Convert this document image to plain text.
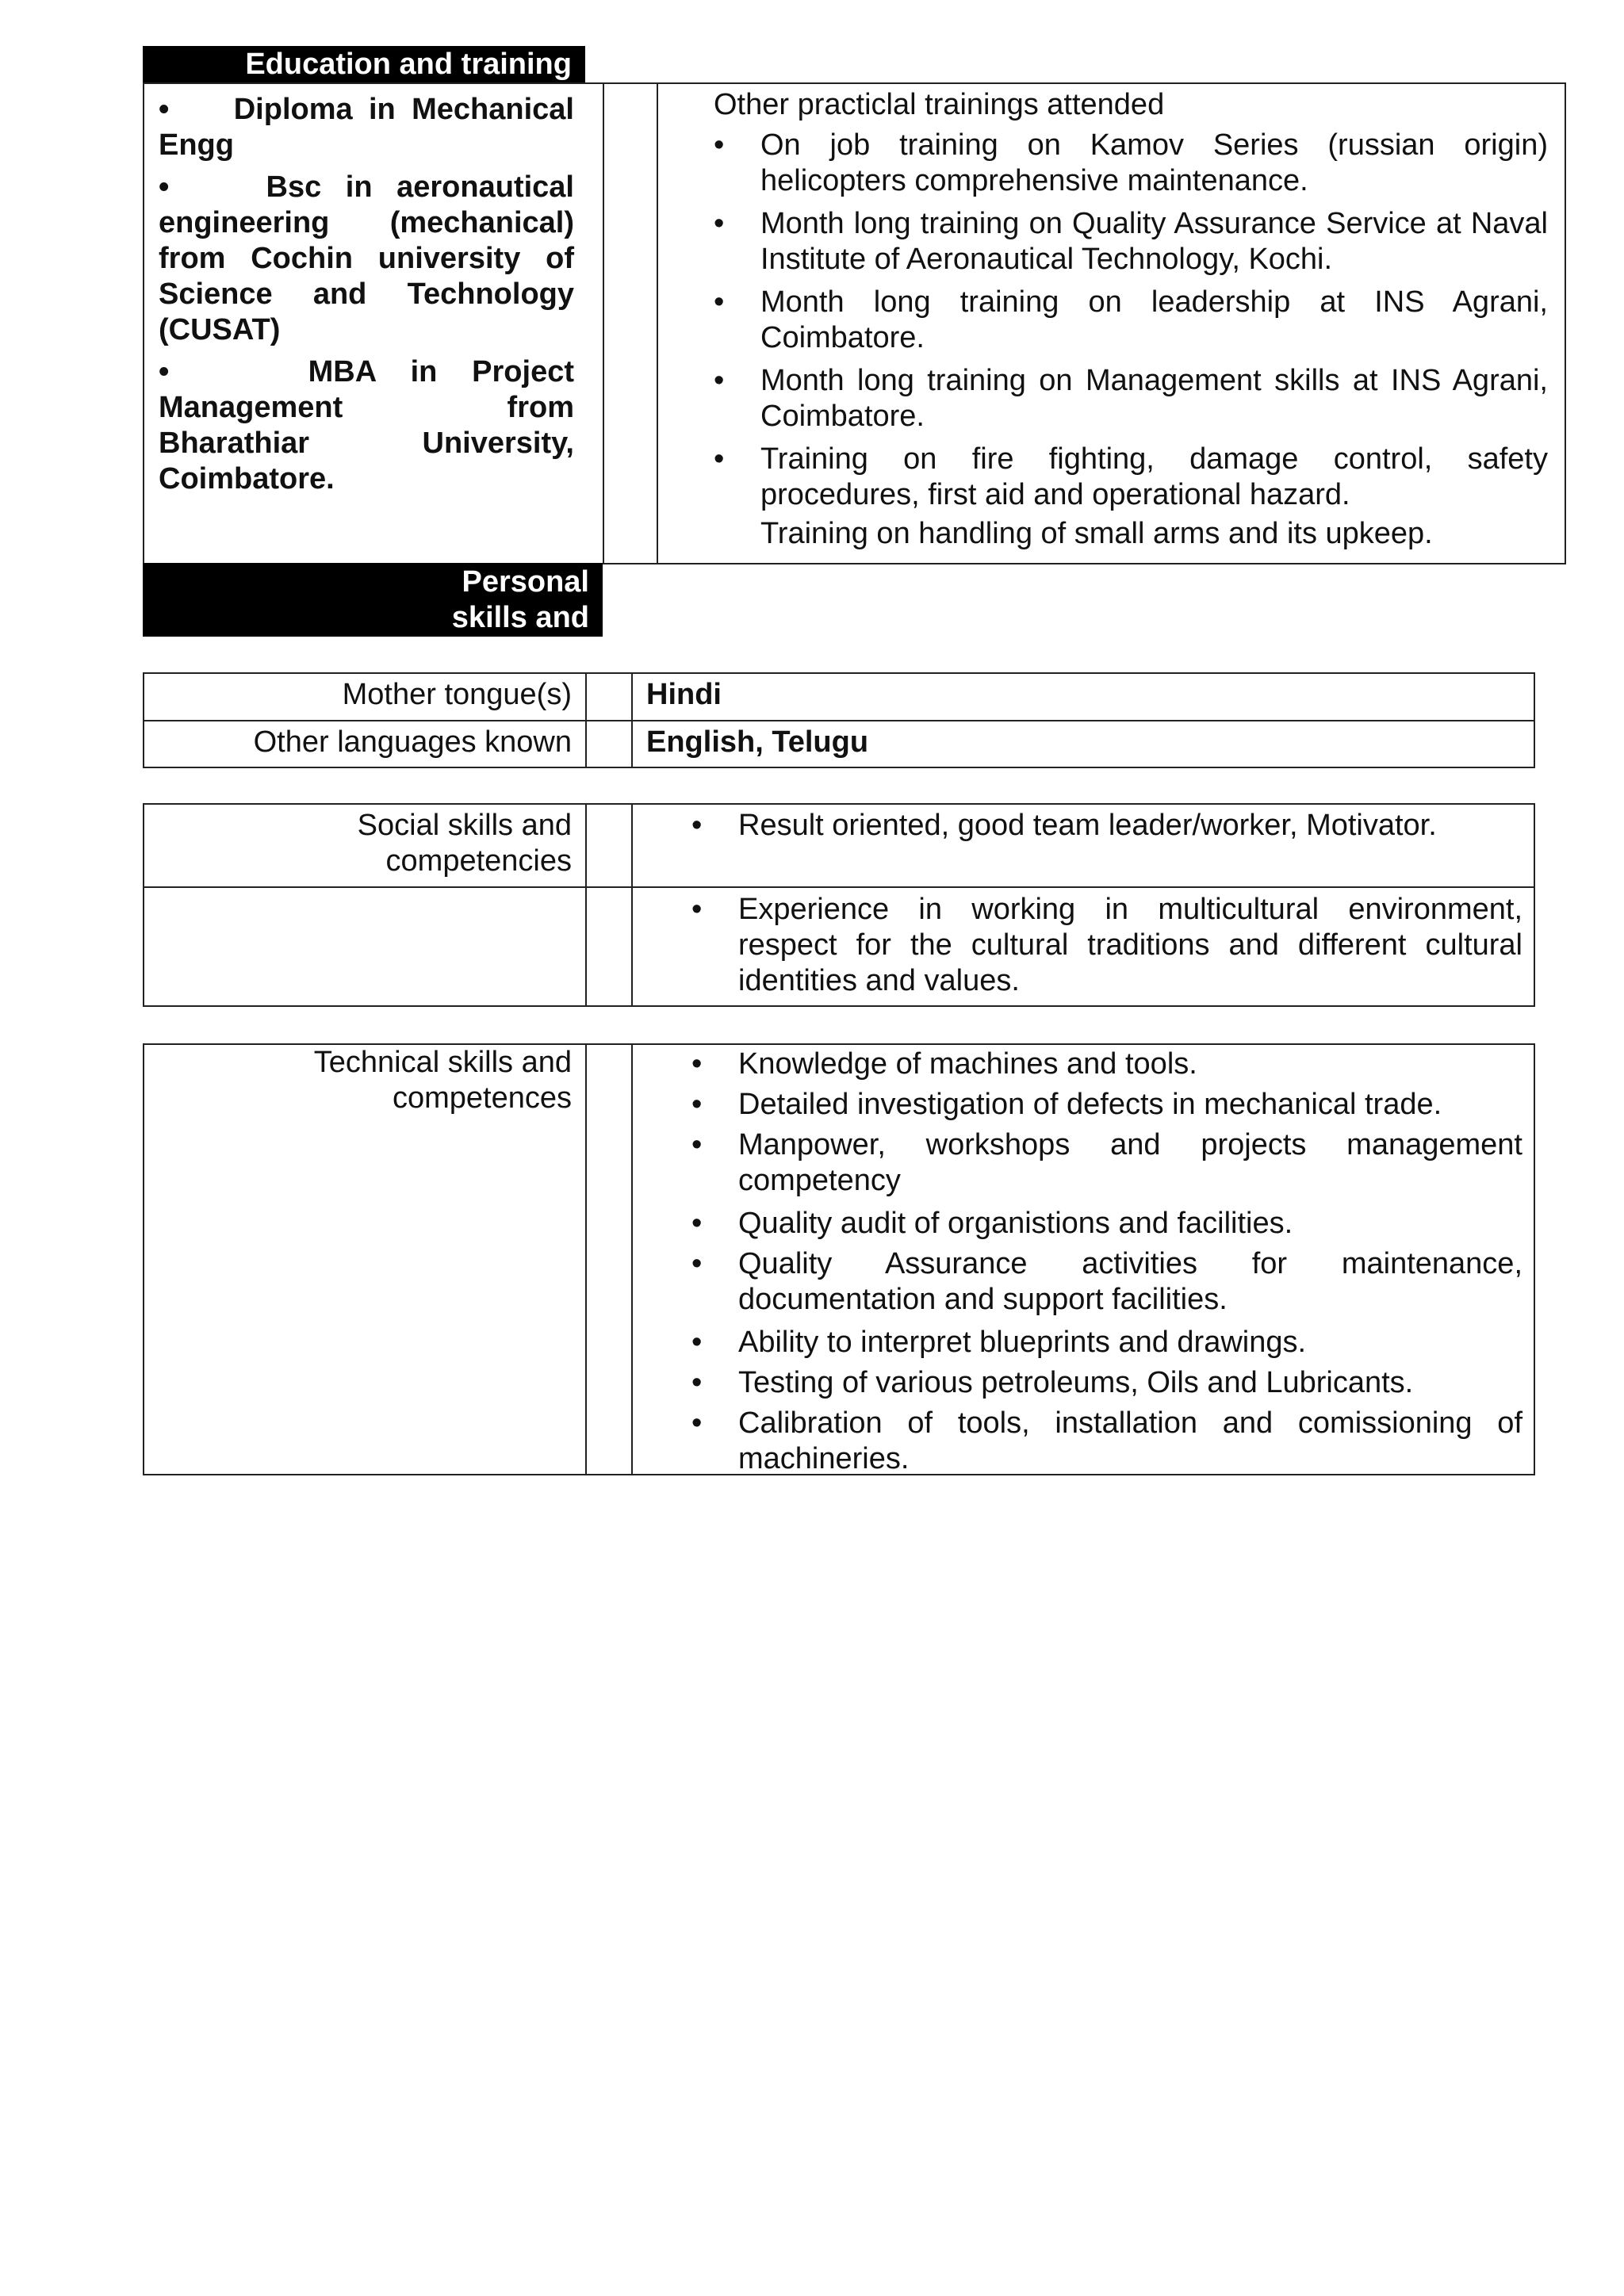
Education and training
•    Diploma in Mechanical Engg
•    Bsc in aeronautical engineering (mechanical) from Cochin university of Science and Technology (CUSAT)
•    MBA in Project Management from Bharathiar University, Coimbatore.
Other practiclal trainings attended
• On job training on Kamov Series (russian origin) helicopters comprehensive maintenance.
• Month long training on Quality Assurance Service at Naval Institute of Aeronautical Technology, Kochi.
• Month long training on leadership at INS Agrani, Coimbatore.
• Month long training on Management skills at INS Agrani, Coimbatore.
• Training on fire fighting, damage control, safety procedures, first aid and operational hazard.
Training on handling of small arms and its upkeep.
Personal skills and competences
Mother tongue(s)	Hindi
Other languages known	English, Telugu
Social skills and competencies
• Result oriented, good team leader/worker, Motivator.
• Experience in working in multicultural environment, respect for the cultural traditions and different cultural identities and values.
Technical skills and competences
• Knowledge of machines and tools.
• Detailed investigation of defects in mechanical trade.
• Manpower, workshops and projects management competency
• Quality audit of organistions and facilities.
• Quality Assurance activities for maintenance, documentation and support facilities.
• Ability to interpret blueprints and drawings.
• Testing of various petroleums, Oils and Lubricants.
• Calibration of tools, installation and comissioning of machineries.
